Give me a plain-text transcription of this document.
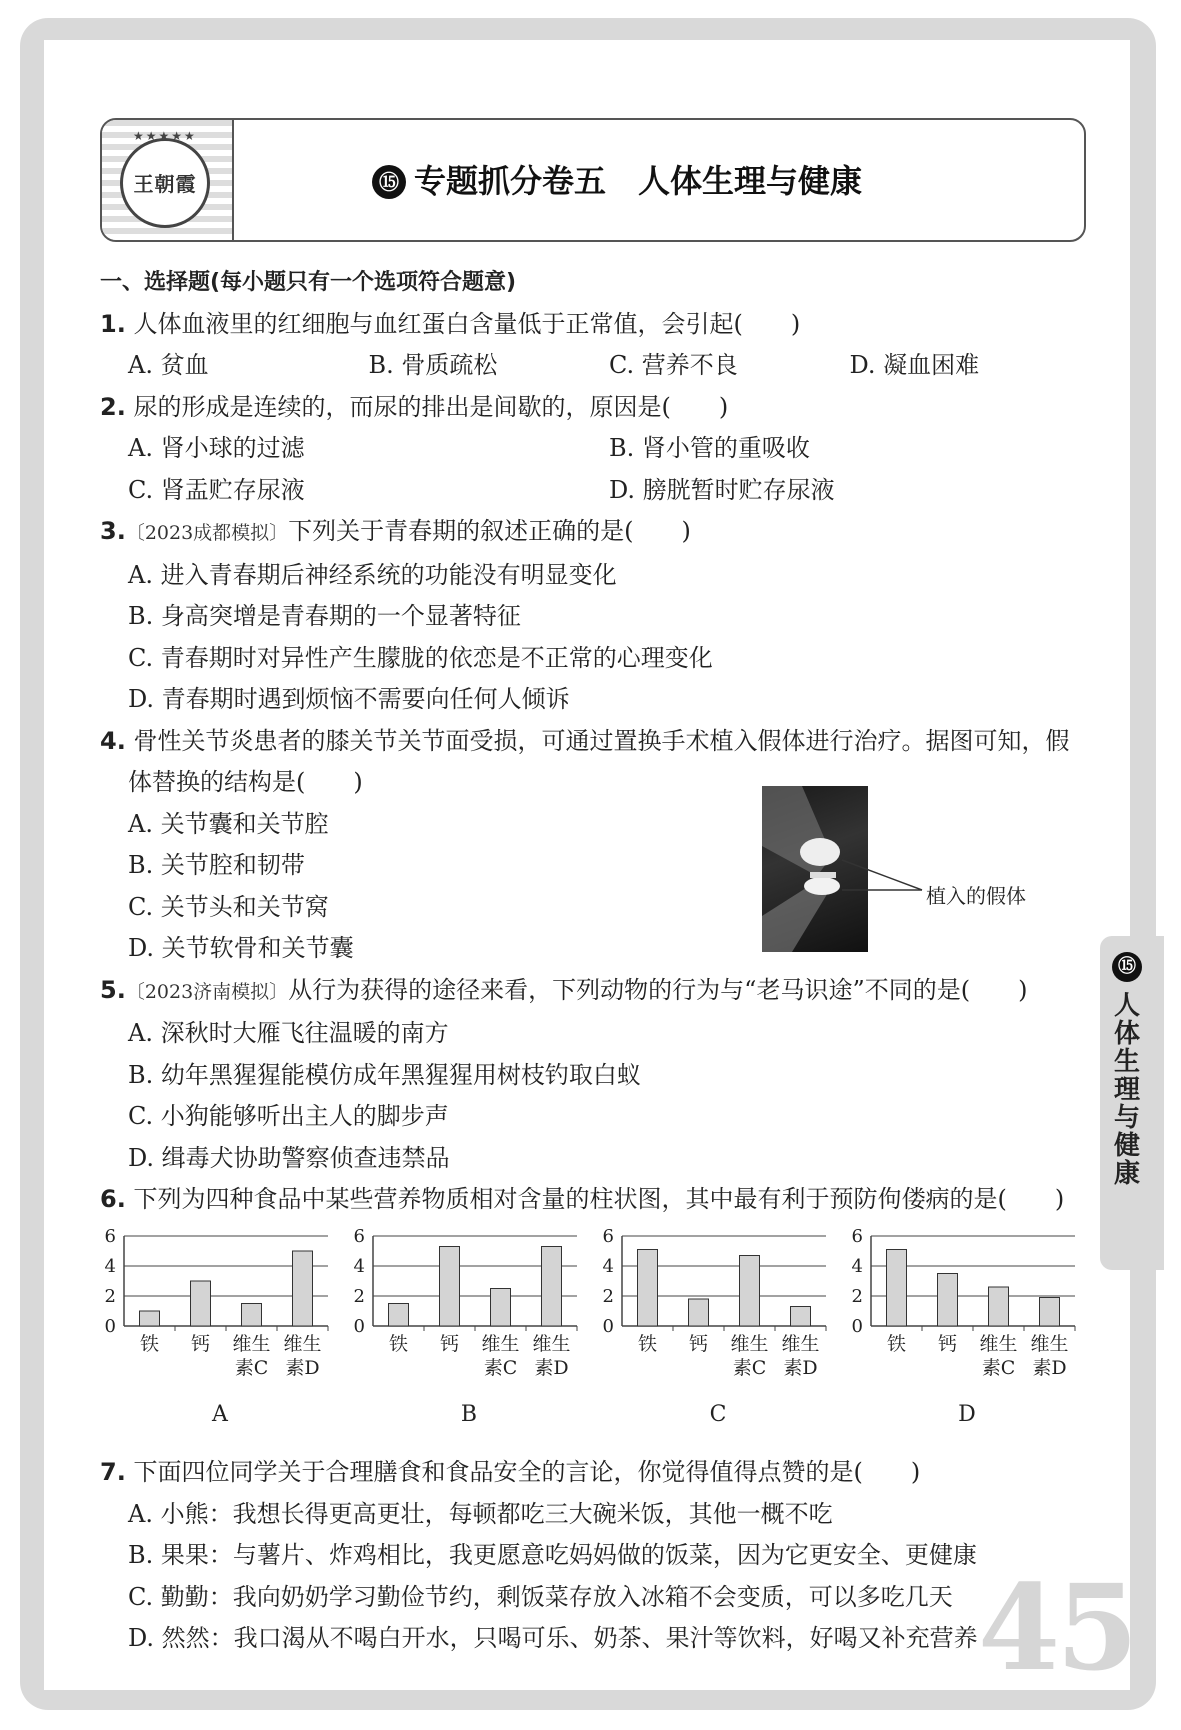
★★★★★
王朝霞	⑮ 专题抓分卷五　人体生理与健康
一、选择题(每小题只有一个选项符合题意)
1. 人体血液里的红细胞与血红蛋白含量低于正常值，会引起(　　)
A. 贫血	B. 骨质疏松	C. 营养不良	D. 凝血困难
2. 尿的形成是连续的，而尿的排出是间歇的，原因是(　　)
A. 肾小球的过滤	B. 肾小管的重吸收
C. 肾盂贮存尿液	D. 膀胱暂时贮存尿液
3.〔2023成都模拟〕下列关于青春期的叙述正确的是(　　)
A. 进入青春期后神经系统的功能没有明显变化
B. 身高突增是青春期的一个显著特征
C. 青春期时对异性产生朦胧的依恋是不正常的心理变化
D. 青春期时遇到烦恼不需要向任何人倾诉
4. 骨性关节炎患者的膝关节关节面受损，可通过置换手术植入假体进行治疗。据图可知，假
体替换的结构是(　　)
A. 关节囊和关节腔
B. 关节腔和韧带
C. 关节头和关节窝
D. 关节软骨和关节囊
5.〔2023济南模拟〕从行为获得的途径来看，下列动物的行为与“老马识途”不同的是(　　)
A. 深秋时大雁飞往温暖的南方
B. 幼年黑猩猩能模仿成年黑猩猩用树枝钓取白蚁
C. 小狗能够听出主人的脚步声
D. 缉毒犬协助警察侦查违禁品
6. 下列为四种食品中某些营养物质相对含量的柱状图，其中最有利于预防佝偻病的是(　　)
植入的假体
0
2
4
6
铁 钙 维生
素C
维生
素D
A
0
2
4
6
铁 钙 维生
素C
维生
素D
B
0
2
4
6
铁 钙 维生
素C
维生
素D
C
0
2
4
6
铁 钙 维生
素C
维生
素D
D
7. 下面四位同学关于合理膳食和食品安全的言论，你觉得值得点赞的是(　　)
A. 小熊：我想长得更高更壮，每顿都吃三大碗米饭，其他一概不吃
B. 果果：与薯片、炸鸡相比，我更愿意吃妈妈做的饭菜，因为它更安全、更健康
C. 勤勤：我向奶奶学习勤俭节约，剩饭菜存放入冰箱不会变质，可以多吃几天
D. 然然：我口渴从不喝白开水，只喝可乐、奶茶、果汁等饮料，好喝又补充营养
⑮
人体生理与健康
45
